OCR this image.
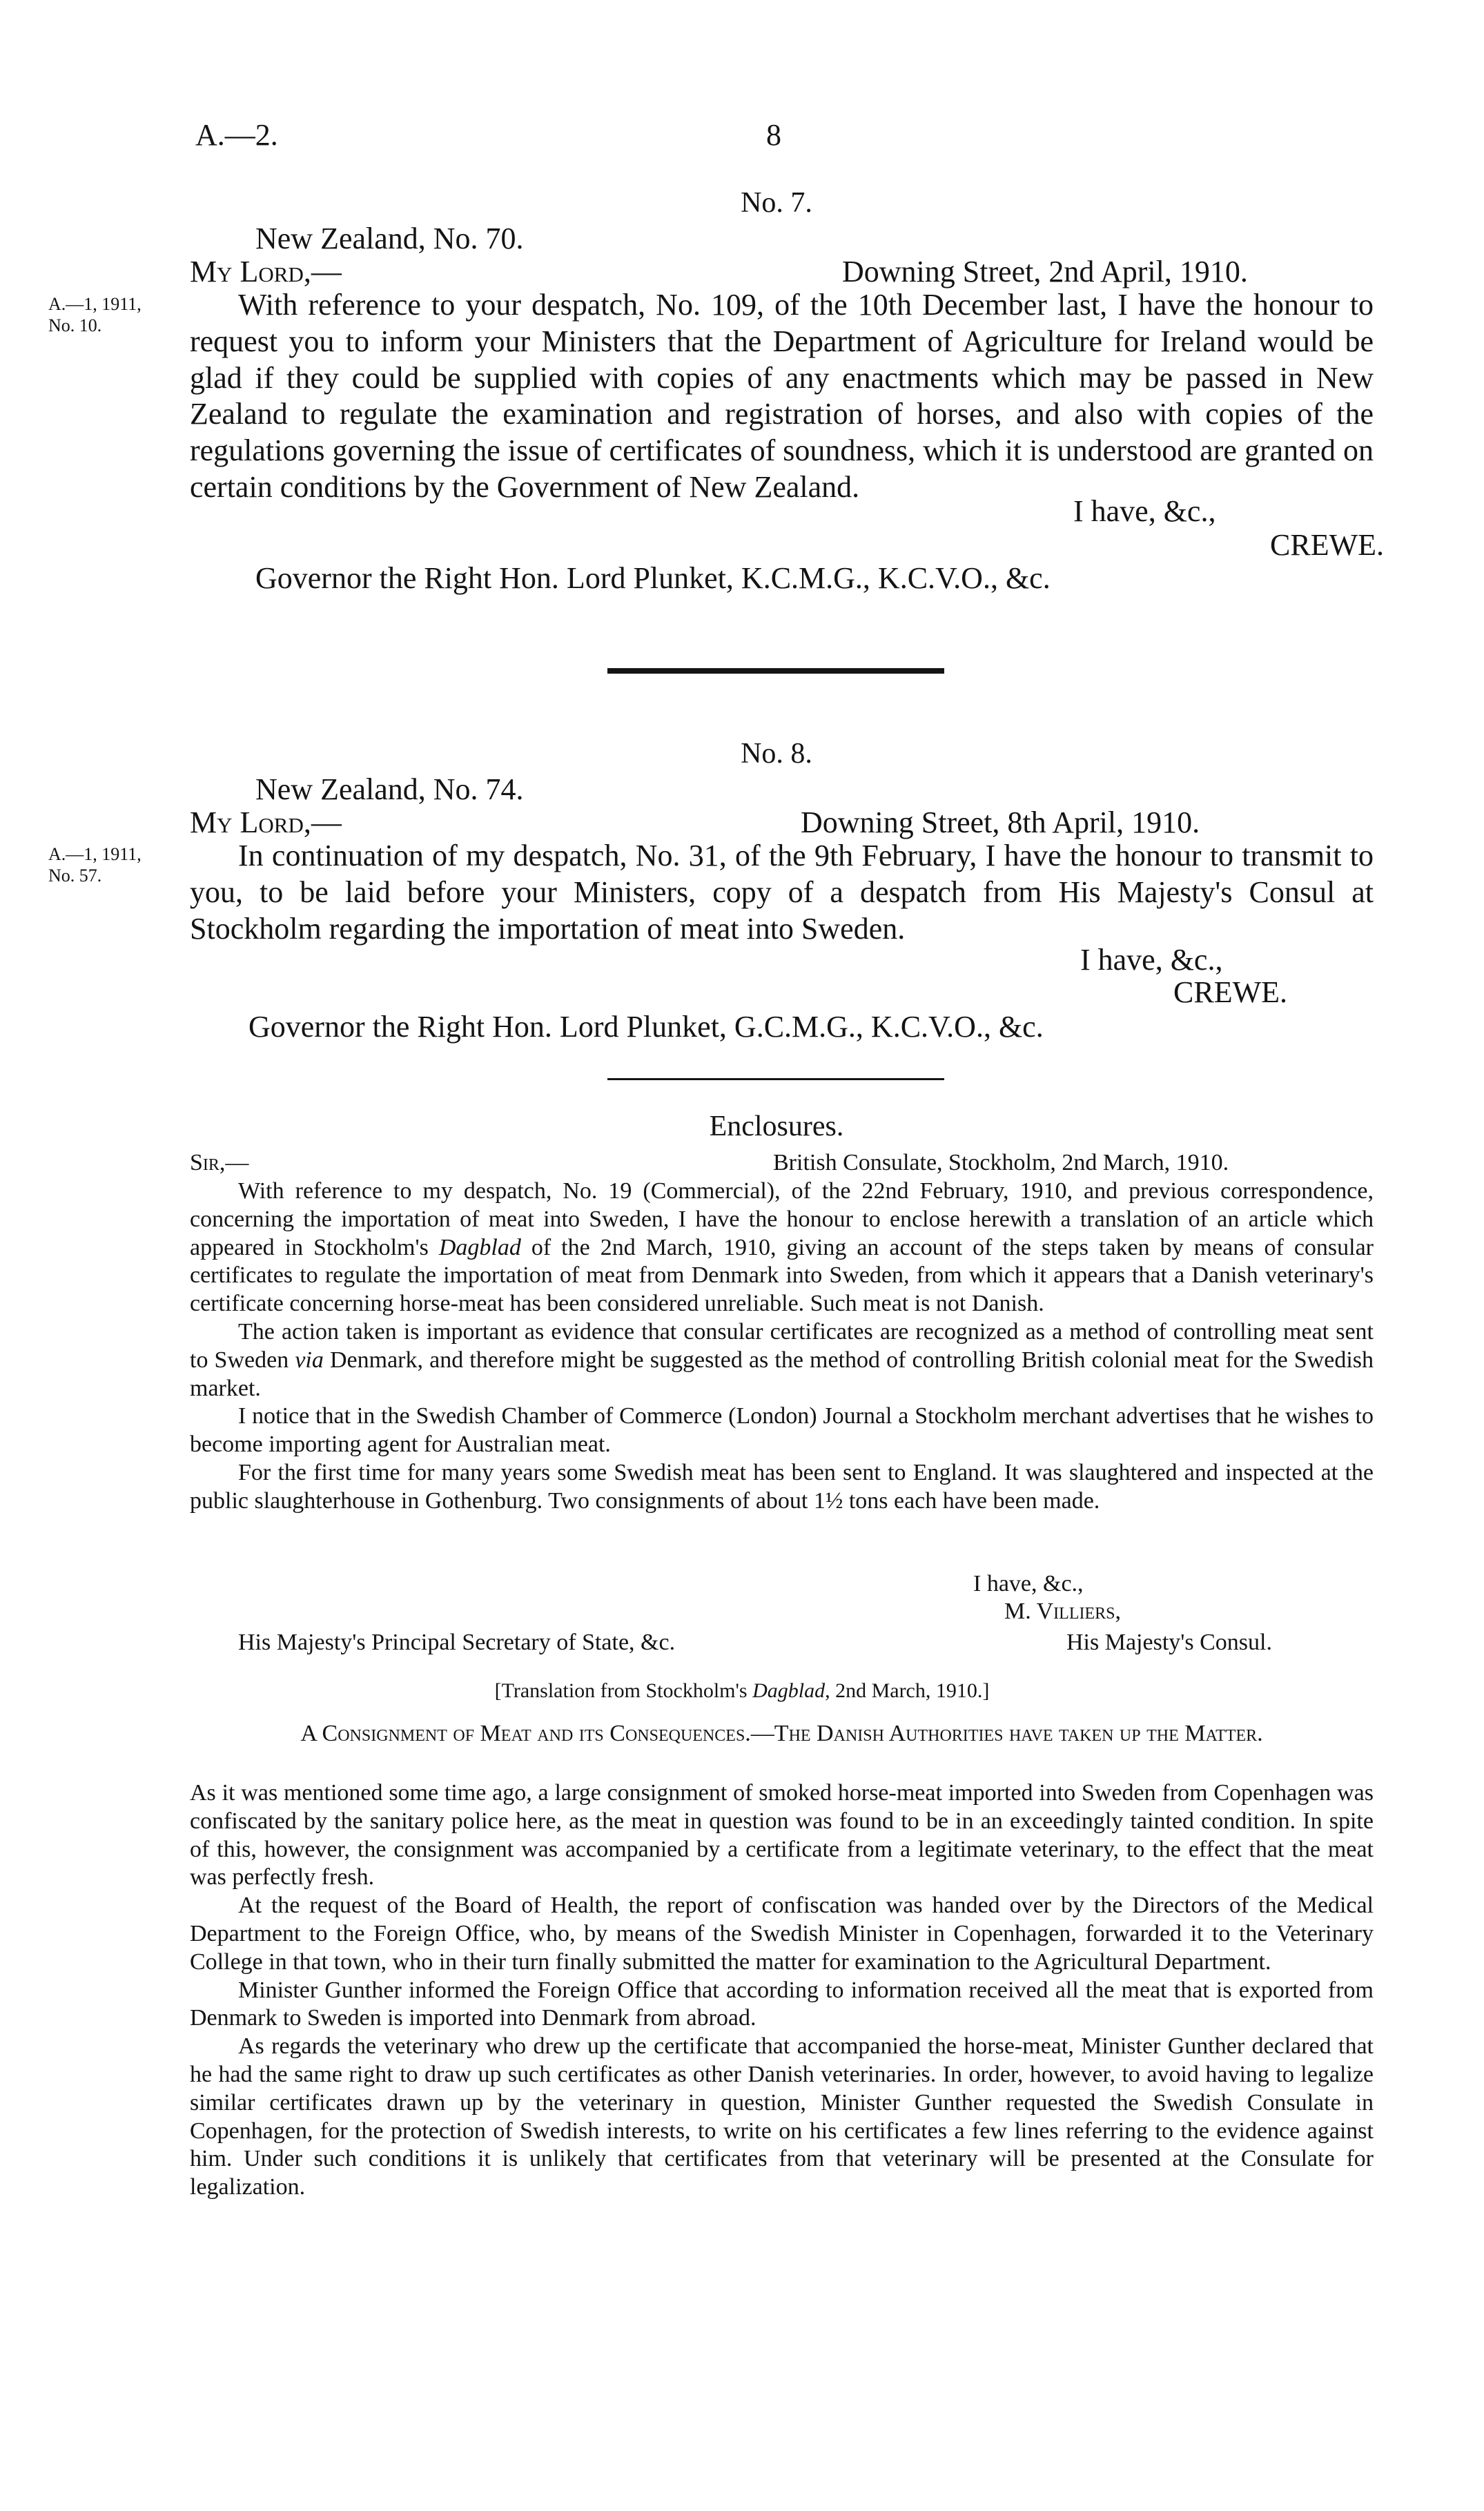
A.—2.	8
No. 7.
New Zealand, No. 70.
My Lord,—	Downing Street, 2nd April, 1910.
A.—1, 1911,
No. 10.

With reference to your despatch, No. 109, of the 10th December last, I have the honour to request you to inform your Ministers that the Department of Agriculture for Ireland would be glad if they could be supplied with copies of any enactments which may be passed in New Zealand to regulate the examination and registration of horses, and also with copies of the regulations governing the issue of certificates of soundness, which it is understood are granted on certain conditions by the Government of New Zealand.

I have, &c.,
CREWE.
Governor the Right Hon. Lord Plunket, K.C.M.G., K.C.V.O., &c.
No. 8.
New Zealand, No. 74.
My Lord,—	Downing Street, 8th April, 1910.
A.—1, 1911,
No. 57.

In continuation of my despatch, No. 31, of the 9th February, I have the honour to transmit to you, to be laid before your Ministers, copy of a despatch from His Majesty's Consul at Stockholm regarding the importation of meat into Sweden.

I have, &c.,
CREWE.
Governor the Right Hon. Lord Plunket, G.C.M.G., K.C.V.O., &c.
Enclosures.
Sir,—	British Consulate, Stockholm, 2nd March, 1910.

With reference to my despatch, No. 19 (Commercial), of the 22nd February, 1910, and previous correspondence, concerning the importation of meat into Sweden, I have the honour to enclose herewith a translation of an article which appeared in Stockholm's Dagblad of the 2nd March, 1910, giving an account of the steps taken by means of consular certificates to regulate the importation of meat from Denmark into Sweden, from which it appears that a Danish veterinary's certificate concerning horse-meat has been considered unreliable. Such meat is not Danish.

The action taken is important as evidence that consular certificates are recognized as a method of controlling meat sent to Sweden via Denmark, and therefore might be suggested as the method of controlling British colonial meat for the Swedish market.

I notice that in the Swedish Chamber of Commerce (London) Journal a Stockholm merchant advertises that he wishes to become importing agent for Australian meat.

For the first time for many years some Swedish meat has been sent to England. It was slaughtered and inspected at the public slaughterhouse in Gothenburg. Two consignments of about 1½ tons each have been made.

I have, &c.,
M. Villiers,
His Majesty's Principal Secretary of State, &c.	His Majesty's Consul.
[Translation from Stockholm's Dagblad, 2nd March, 1910.]
A Consignment of Meat and its Consequences.—The Danish Authorities have taken up the Matter.

As it was mentioned some time ago, a large consignment of smoked horse-meat imported into Sweden from Copenhagen was confiscated by the sanitary police here, as the meat in question was found to be in an exceedingly tainted condition. In spite of this, however, the consignment was accompanied by a certificate from a legitimate veterinary, to the effect that the meat was perfectly fresh.

At the request of the Board of Health, the report of confiscation was handed over by the Directors of the Medical Department to the Foreign Office, who, by means of the Swedish Minister in Copenhagen, forwarded it to the Veterinary College in that town, who in their turn finally submitted the matter for examination to the Agricultural Department.

Minister Gunther informed the Foreign Office that according to information received all the meat that is exported from Denmark to Sweden is imported into Denmark from abroad.

As regards the veterinary who drew up the certificate that accompanied the horse-meat, Minister Gunther declared that he had the same right to draw up such certificates as other Danish veterinaries. In order, however, to avoid having to legalize similar certificates drawn up by the veterinary in question, Minister Gunther requested the Swedish Consulate in Copenhagen, for the protection of Swedish interests, to write on his certificates a few lines referring to the evidence against him. Under such conditions it is unlikely that certificates from that veterinary will be presented at the Consulate for legalization.
